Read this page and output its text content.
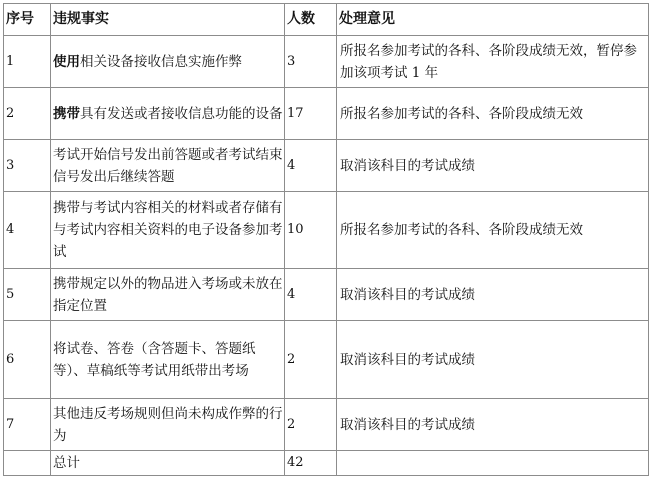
序号	违规事实	人数	处理意见
1	使用相关设备接收信息实施作弊	3	所报名参加考试的各科、各阶段成绩无效，暂停参加该项考试 1 年
2	携带具有发送或者接收信息功能的设备	17	所报名参加考试的各科、各阶段成绩无效
3	考试开始信号发出前答题或者考试结束信号发出后继续答题	4	取消该科目的考试成绩
4	携带与考试内容相关的材料或者存储有与考试内容相关资料的电子设备参加考试	10	所报名参加考试的各科、各阶段成绩无效
5	携带规定以外的物品进入考场或未放在指定位置	4	取消该科目的考试成绩
6	将试卷、答卷（含答题卡、答题纸等）、草稿纸等考试用纸带出考场	2	取消该科目的考试成绩
7	其他违反考场规则但尚未构成作弊的行为	2	取消该科目的考试成绩
	总计	42	
